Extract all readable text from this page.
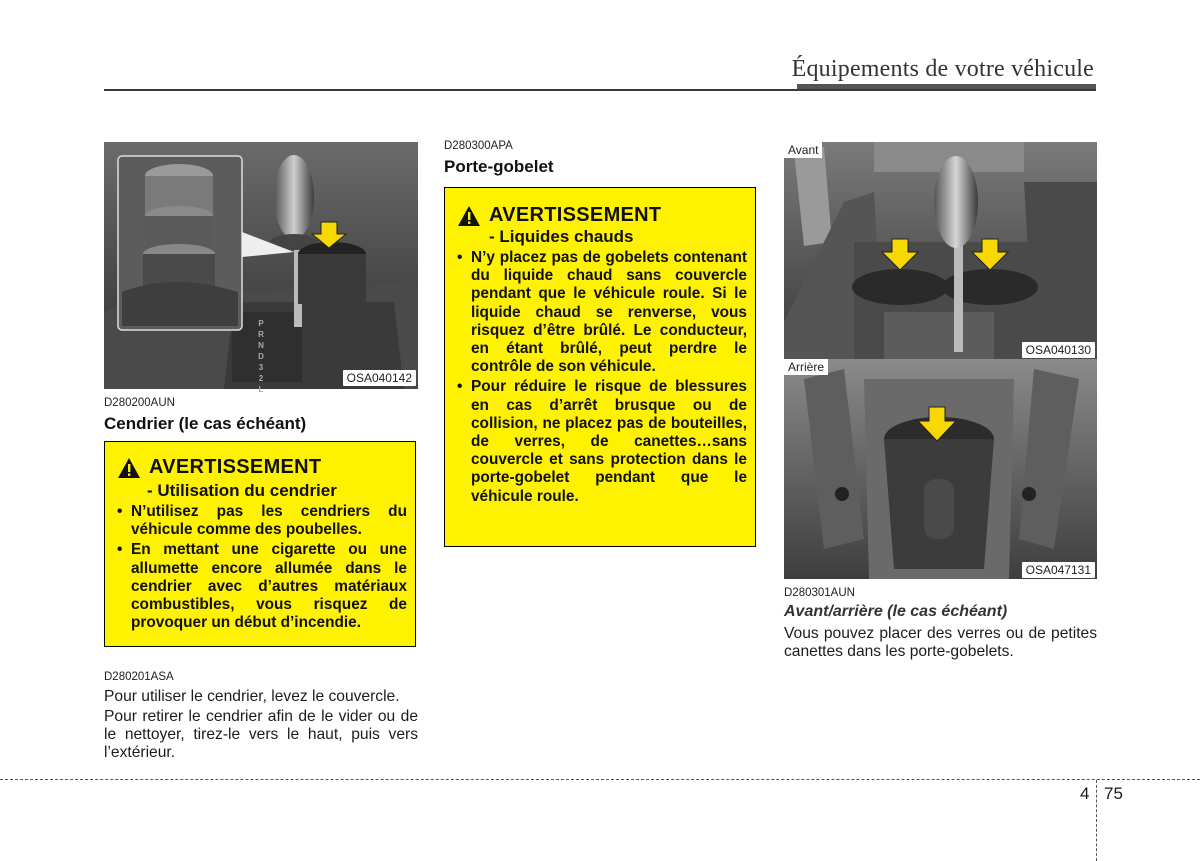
Équipements de votre véhicule
P
R
N
D
3
2
L
OSA040142
D280200AUN
Cendrier (le cas échéant)
AVERTISSEMENT
- Utilisation du cendrier
• N’utilisez pas les cendriers du véhicule comme des poubelles.
• En mettant une cigarette ou une allumette encore allumée dans le cendrier avec d’autres matériaux combustibles, vous risquez de provoquer un début d’incendie.
D280201ASA
Pour utiliser le cendrier, levez le couvercle.
Pour retirer le cendrier afin de le vider ou de le nettoyer, tirez-le vers le haut, puis vers l’extérieur.
D280300APA
Porte-gobelet
AVERTISSEMENT
- Liquides chauds
• N’y placez pas de gobelets contenant du liquide chaud sans couvercle pendant que le véhicule roule. Si le liquide chaud se renverse, vous risquez d’être brûlé. Le conducteur, en étant brûlé, peut perdre le contrôle de son véhicule.
• Pour réduire le risque de blessures en cas d’arrêt brusque ou de collision, ne placez pas de bouteilles, de verres, de canettes…sans couvercle et sans protection dans le porte-gobelet pendant que le véhicule roule.
Avant
OSA040130
Arrière
OSA047131
D280301AUN
Avant/arrière (le cas échéant)
Vous pouvez placer des verres ou de petites canettes dans les porte-gobelets.
4 75
